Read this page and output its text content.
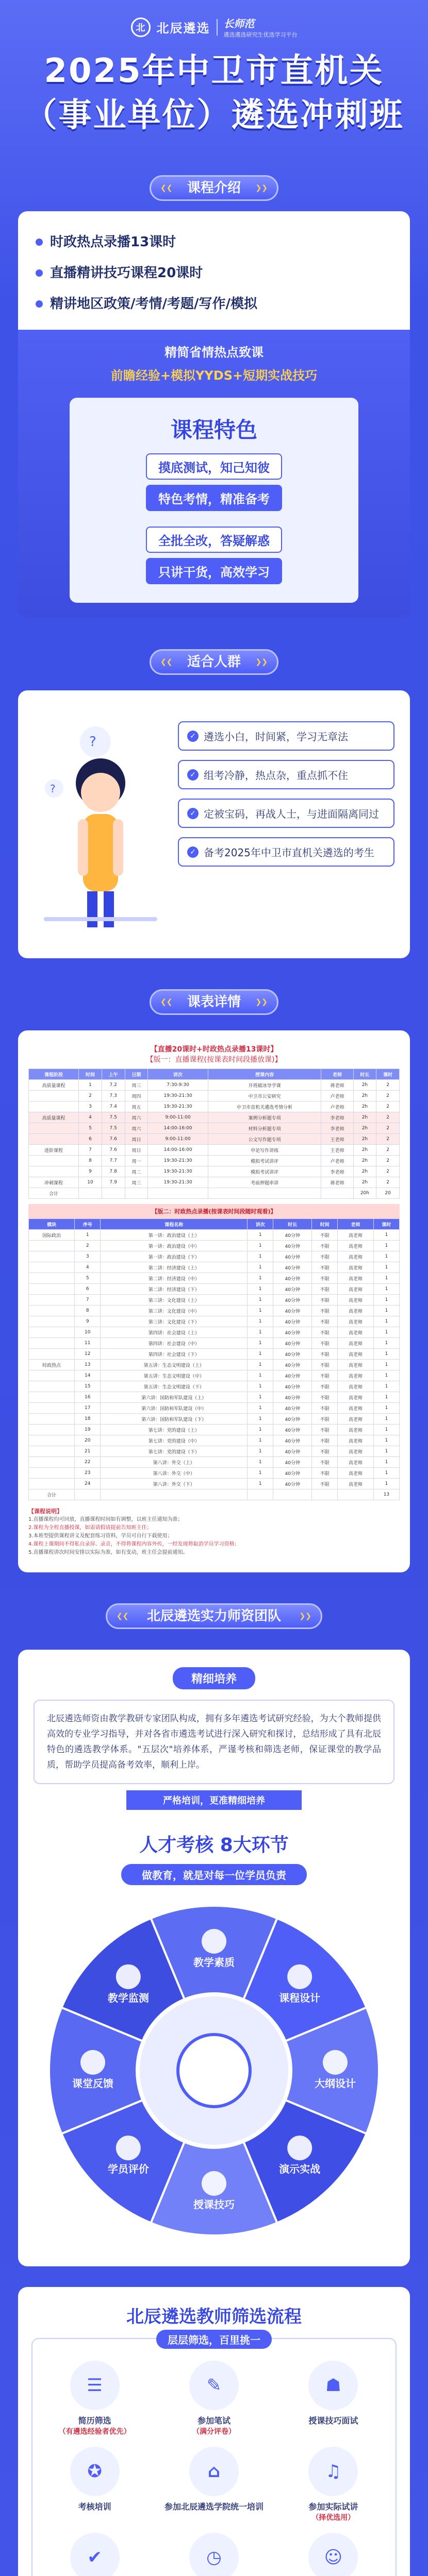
北 北辰遴选 长师范
遴选遴选研究生优选学习平台
2025年中卫市直机关
（事业单位）遴选冲刺班
❮❮ 课程介绍 ❯❯
时政热点录播13课时
直播精讲技巧课程20课时
精讲地区政策/考情/考题/写作/模拟
精简省情热点致课
前瞻经验+模拟YYDS+短期实战技巧
课程特色
摸底测试，知己知彼
特色考情，精准备考
全批全改，答疑解惑
只讲干货，高效学习
❮❮ 适合人群 ❯❯
?
?
✓ 遴选小白，时间紧，学习无章法
✓ 组考冷静，热点杂，重点抓不住
✓ 定被宝码，再战人士，与进面隔离同过
✓ 备考2025年中卫市直机关遴选的考生
❮❮ 课表详情 ❯❯
【直播20课时+时政热点录播13课时】
【版一：直播课程(按课表时间段播放课)】
课程阶段	时间	上午	日期	讲次	授课内容	老师	时长	课时
高质量课程	1	7.2	周三	7:30-9:30	开班破冰导学课	蒋老师	2h	2
	2	7.3	周四	19:30-21:30	中卫市公安研究	卢老师	2h	2
	3	7.4	周五	19:30-21:30	中卫市直机关遴选考情分析	卢老师	2h	2
高质量课程	4	7.5	周六	9:00-11:00	案例分析题专项	李老师	2h	2
	5	7.5	周六	14:00-16:00	材料分析题专项	李老师	2h	2
	6	7.6	周日	9:00-11:00	公文写作题专项	王老师	2h	2
进阶课程	7	7.6	周日	14:00-16:00	申论写作讲练	王老师	2h	2
	8	7.7	周一	19:30-21:30	模拟考试讲评	卢老师	2h	2
	9	7.8	周二	19:30-21:30	模拟考试讲评	李老师	2h	2
冲刺课程	10	7.9	周三	19:30-21:30	考前押题串讲	蒋老师	2h	2
合计							20h	20
【版二：时政热点录播(按课表时间段随时观看)】
模块	序号	课程名称	讲次	时长	时间	老师	课时
国际政治	1	第一讲：政治建设（上）	1	40分钟	不限	高老师	1
	2	第一讲：政治建设（中）	1	40分钟	不限	高老师	1
	3	第一讲：政治建设（下）	1	40分钟	不限	高老师	1
	4	第二讲：经济建设（上）	1	40分钟	不限	高老师	1
	5	第二讲：经济建设（中）	1	40分钟	不限	高老师	1
	6	第二讲：经济建设（下）	1	40分钟	不限	高老师	1
	7	第三讲：文化建设（上）	1	40分钟	不限	高老师	1
	8	第三讲：文化建设（中）	1	40分钟	不限	高老师	1
	9	第三讲：文化建设（下）	1	40分钟	不限	高老师	1
	10	第四讲：社会建设（上）	1	40分钟	不限	高老师	1
	11	第四讲：社会建设（中）	1	40分钟	不限	高老师	1
	12	第四讲：社会建设（下）	1	40分钟	不限	高老师	1
时政热点	13	第五讲：生态文明建设（上）	1	40分钟	不限	高老师	1
	14	第五讲：生态文明建设（中）	1	40分钟	不限	高老师	1
	15	第五讲：生态文明建设（下）	1	40分钟	不限	高老师	1
	16	第六讲：国防和军队建设（上）	1	40分钟	不限	高老师	1
	17	第六讲：国防和军队建设（中）	1	40分钟	不限	高老师	1
	18	第六讲：国防和军队建设（下）	1	40分钟	不限	高老师	1
	19	第七讲：党的建设（上）	1	40分钟	不限	高老师	1
	20	第七讲：党的建设（中）	1	40分钟	不限	高老师	1
	21	第七讲：党的建设（下）	1	40分钟	不限	高老师	1
	22	第八讲：外交（上）	1	40分钟	不限	高老师	1
	23	第八讲：外交（中）	1	40分钟	不限	高老师	1
	24	第八讲：外交（下）	1	40分钟	不限	高老师	1
合计							13
【课程说明】
1.直播课程均可回放，直播课程时间如有调整，以班主任通知为准；
2.课程为全程直播授课，如需请假请提前告知班主任；
3.本班型提供课程讲义及配套练习资料，学员可自行下载使用；
4.课程上课期间不得私自录屏、录音，不得将课程内容外传，一经发现将取消学员学习资格；
5.直播课程讲次时间安排以实际为准，如有变动，班主任会提前通知。
❮❮ 北辰遴选实力师资团队 ❯❯
精细培养
北辰遴选师资由教学教研专家团队构成，拥有多年遴选考试研究经验，为大个教师提供高效的专业学习指导，并对各省市遴选考试进行深入研究和探讨，总结形成了具有北辰特色的遴选教学体系。"五层次"培养体系，严谨考核和筛选老师，保证课堂的教学品质，帮助学员提高备考效率，顺利上岸。
严格培训，更准精细培养
人才考核 8大环节
做教育，就是对每一位学员负责
教学素质
课程设计
大纲设计
演示实战
授课技巧
学员评价
课堂反馈
教学监测
北辰遴选教师筛选流程
层层筛选，百里挑一
☰
简历筛选
（有遴选经验者优先）
✎
参加笔试
（满分评卷）
☗
授课技巧面试
✪
考核培训
⌂
参加北辰遴选学院统一培训
♫
参加实际试讲
（择优选用）
✔	◷	☺
